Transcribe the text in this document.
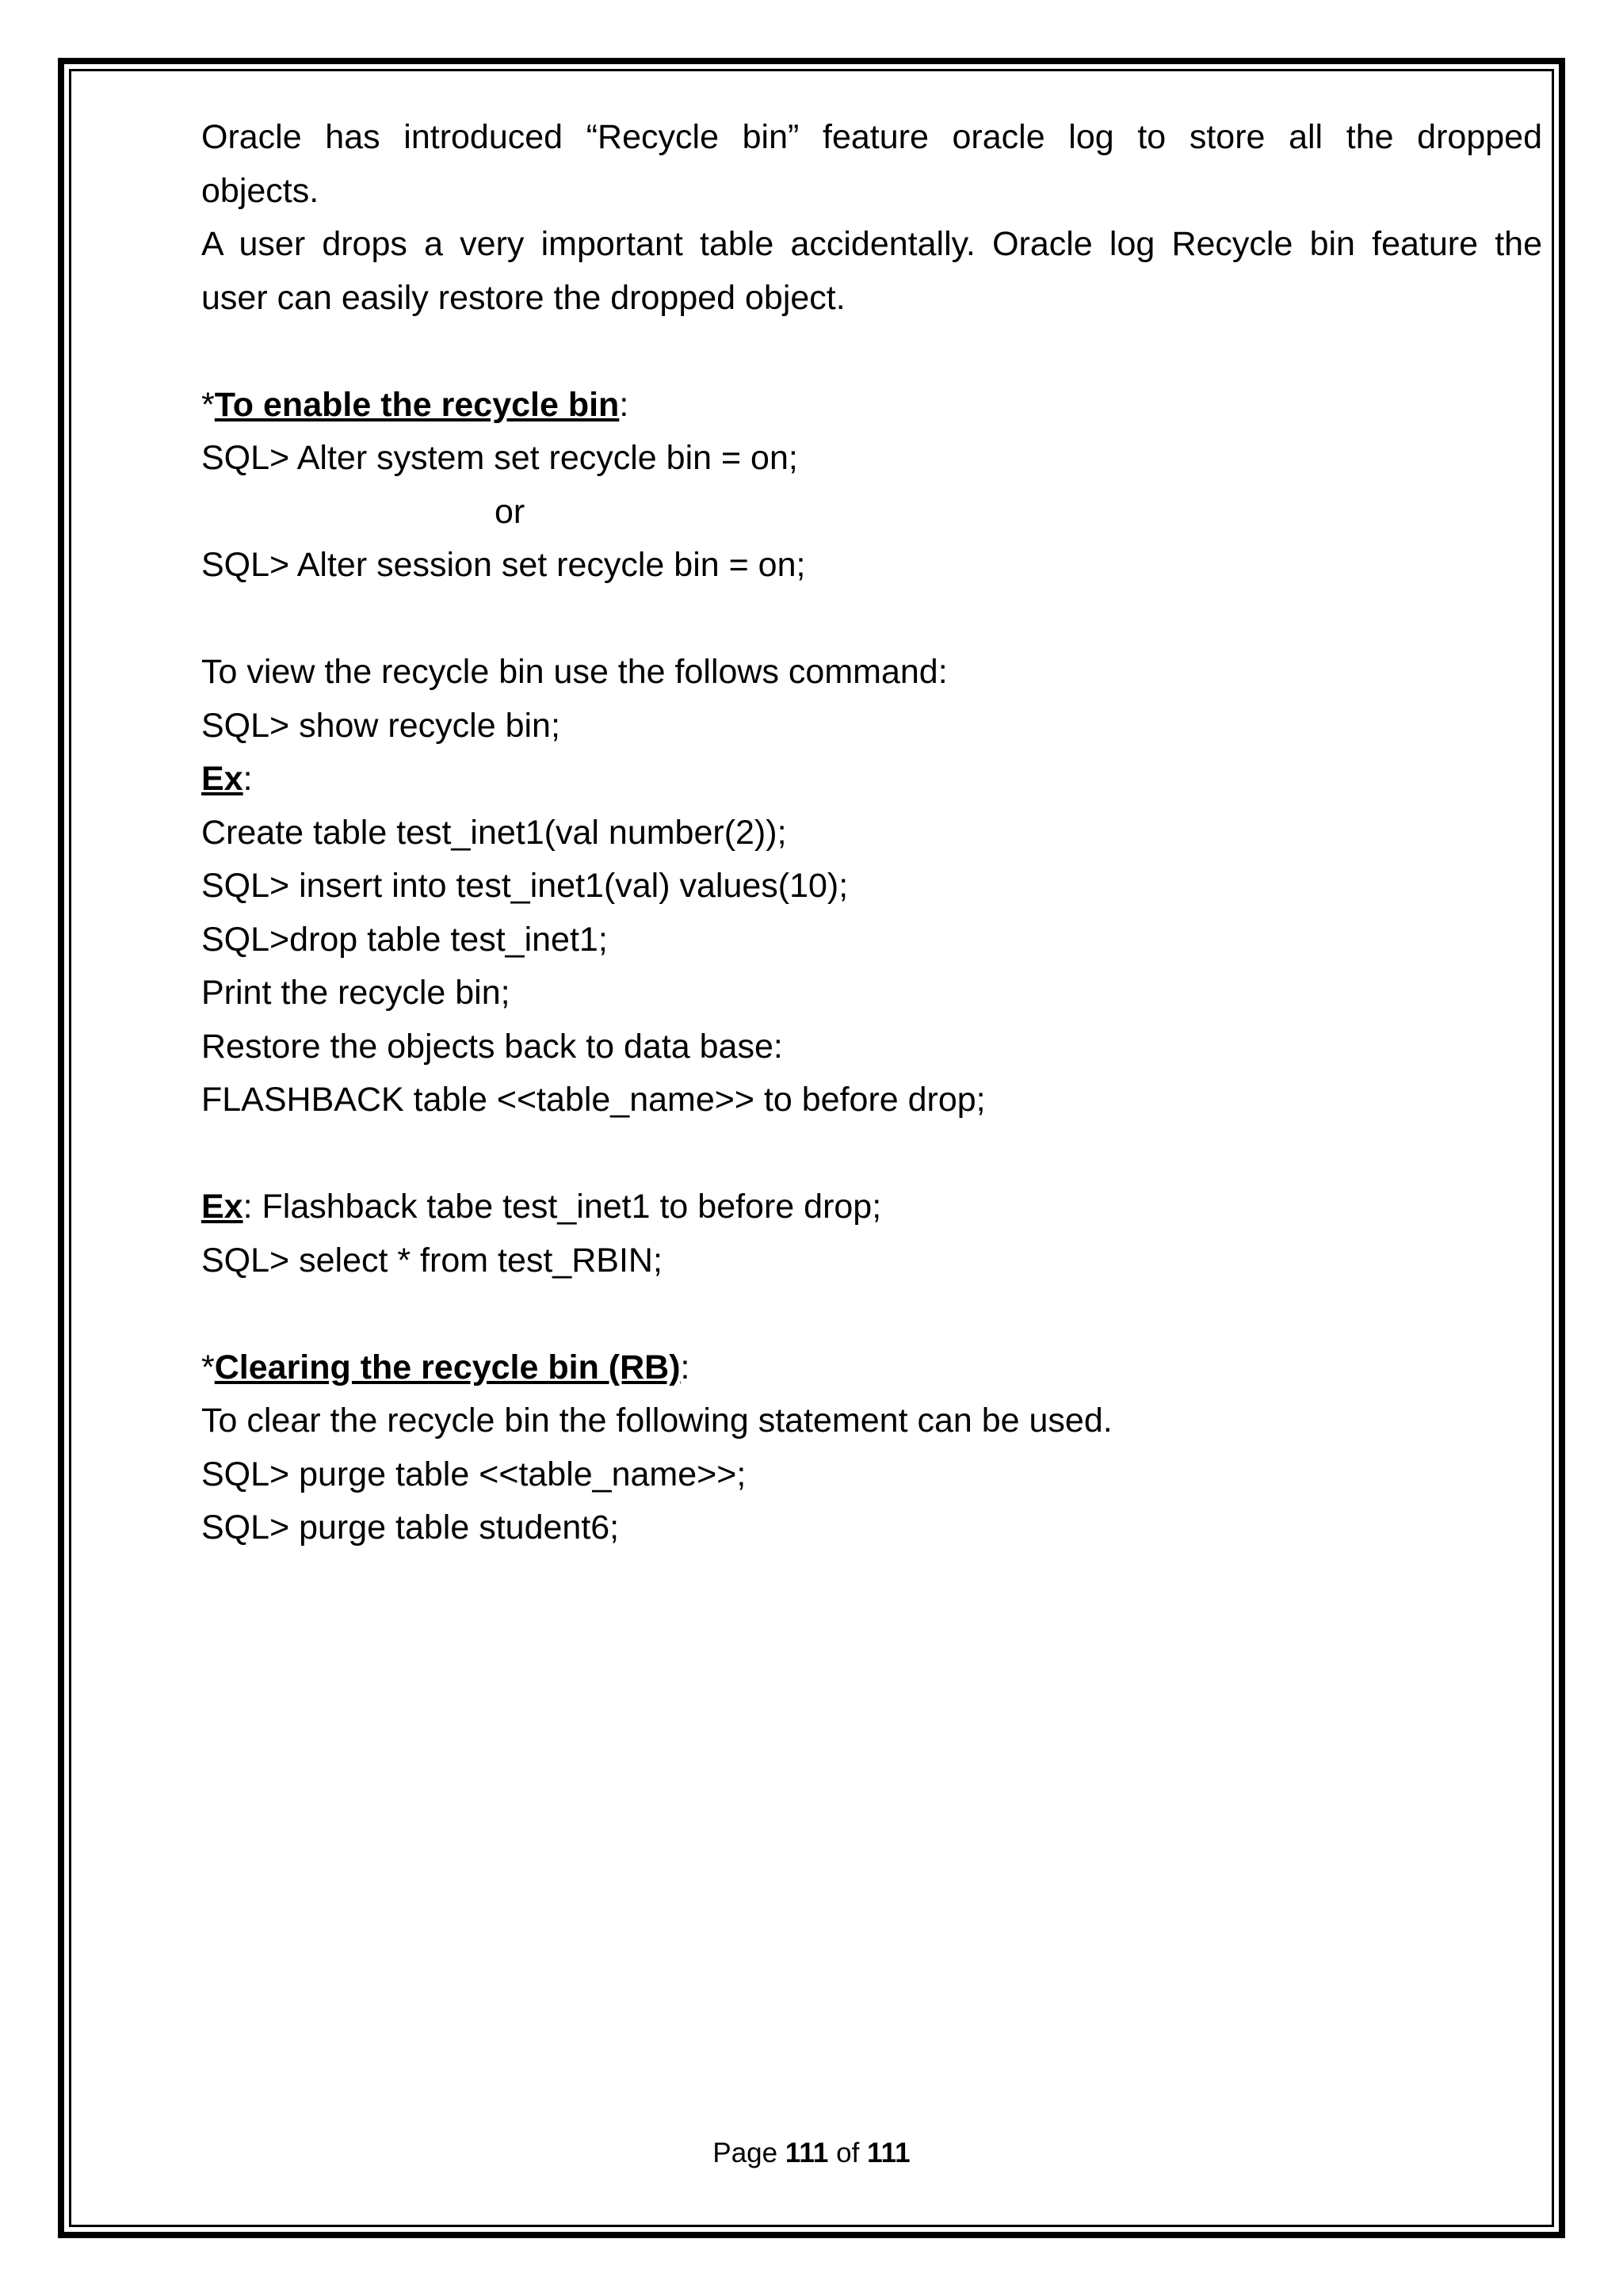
Oracle has introduced “Recycle bin” feature oracle log to store all the dropped
objects.
A user drops a very important table accidentally. Oracle log Recycle bin feature the
user can easily restore the dropped object.
*To enable the recycle bin:
SQL> Alter system set recycle bin = on;
or
SQL> Alter session set recycle bin = on;
To view the recycle bin use the follows command:
SQL> show recycle bin;
Ex:
Create table test_inet1(val number(2));
SQL> insert into test_inet1(val) values(10);
SQL>drop table test_inet1;
Print the recycle bin;
Restore the objects back to data base:
FLASHBACK table <<table_name>> to before drop;
Ex: Flashback tabe test_inet1 to before drop;
SQL> select * from test_RBIN;
*Clearing the recycle bin (RB):
To clear the recycle bin the following statement can be used.
SQL> purge table <<table_name>>;
SQL> purge table student6;
Page 111 of 111
